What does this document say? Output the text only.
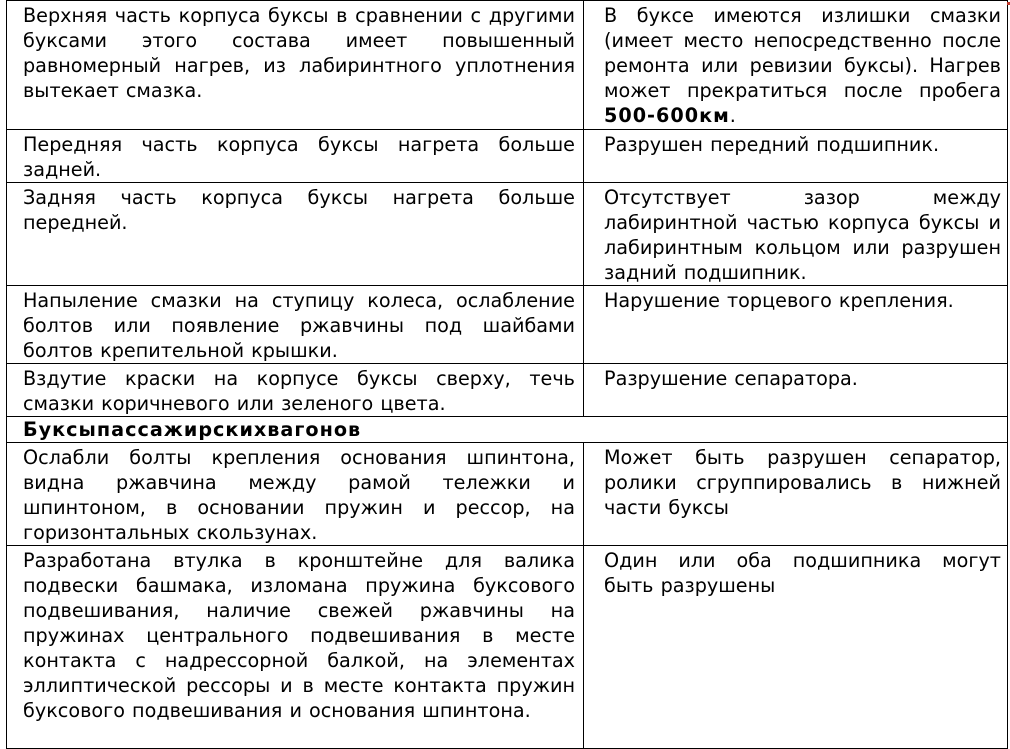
Верхняя часть корпуса буксы в сравнении с другими буксами этого состава имеет повышенный равномерный нагрев, из лабиринтного уплотнения вытекает смазка.	В буксе имеются излишки смазки (имеет место непосредственно после ремонта или ревизии буксы). Нагрев может прекратиться после пробега 500-600км.
Передняя часть корпуса буксы нагрета больше задней.	Разрушен передний подшипник.
Задняя часть корпуса буксы нагрета больше передней.	Отсутствует зазор между лабиринтной частью корпуса буксы и лабиринтным кольцом или разрушен задний подшипник.
Напыление смазки на ступицу колеса, ослабление болтов или появление ржавчины под шайбами болтов крепительной крышки.	Нарушение торцевого крепления.
Вздутие краски на корпусе буксы сверху, течь смазки коричневого или зеленого цвета.	Разрушение сепаратора.
Буксыпассажирскихвагонов	
Ослабли болты крепления основания шпинтона, видна ржавчина между рамой тележки и шпинтоном, в основании пружин и рессор, на горизонтальных скользунах.	Может быть разрушен сепаратор, ролики сгруппировались в нижней части буксы
Разработана втулка в кронштейне для валика подвески башмака, изломана пружина буксового подвешивания, наличие свежей ржавчины на пружинах центрального подвешивания в месте контакта с надрессорной балкой, на элементах эллиптической рессоры и в месте контакта пружин буксового подвешивания и основания шпинтона.	Один или оба подшипника могут быть разрушены
